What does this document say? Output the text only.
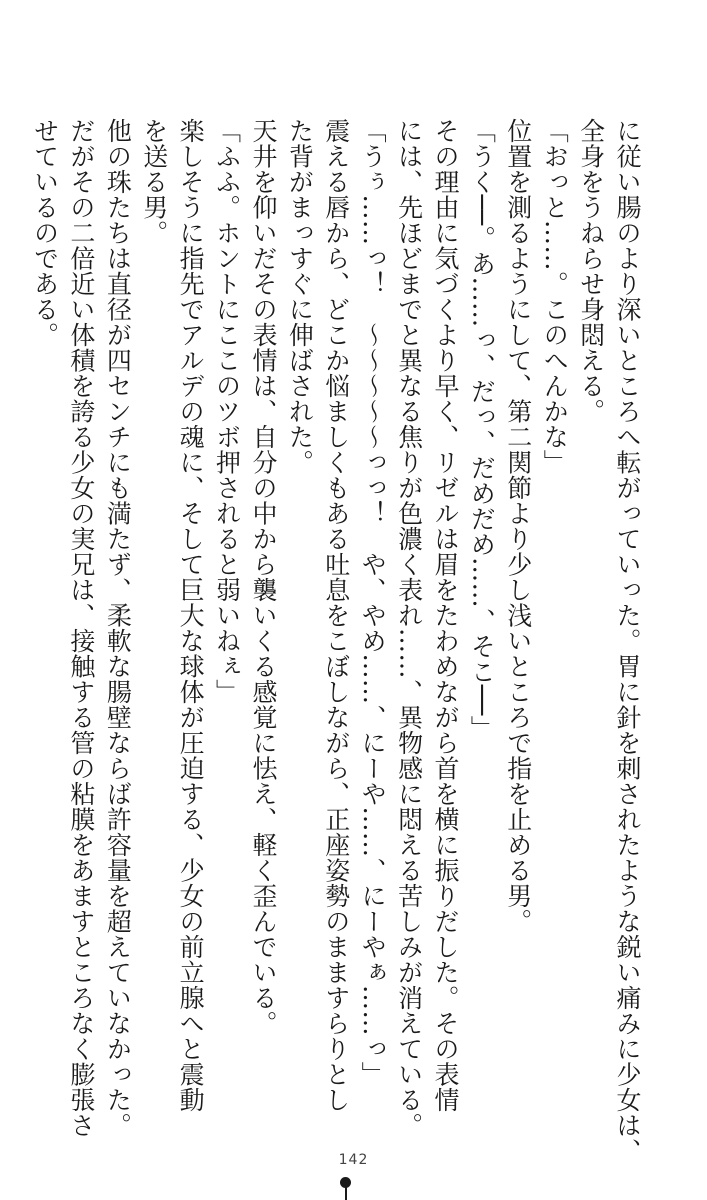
に従い腸のより深いところへ転がっていった。胃に針を刺されたような鋭い痛みに少女は、
全身をうねらせ身悶える。
「おっと……。このへんかな」
位置を測るようにして、第二関節より少し浅いところで指を止める男。
「うく──。あ……っ、だっ、だめだめ……、そこ──」
その理由に気づくより早く、リゼルは眉をたわめながら首を横に振りだした。その表情
には、先ほどまでと異なる焦りが色濃く表れ……、異物感に悶える苦しみが消えている。
「うぅ……っ！　～～～～～っっ！　や、やめ……、にーや……、にーやぁ……っ」
震える唇から、どこか悩ましくもある吐息をこぼしながら、正座姿勢のまますらりとし
た背がまっすぐに伸ばされた。
天井を仰いだその表情は、自分の中から襲いくる感覚に怯え、軽く歪んでいる。
「ふふ。ホントにここのツボ押されると弱いねぇ」
楽しそうに指先でアルデの魂に、そして巨大な球体が圧迫する、少女の前立腺へと震動
を送る男。
他の珠たちは直径が四センチにも満たず、柔軟な腸壁ならば許容量を超えていなかった。
だがその二倍近い体積を誇る少女の実兄は、接触する管の粘膜をあますところなく膨張さ
せているのである。
142
